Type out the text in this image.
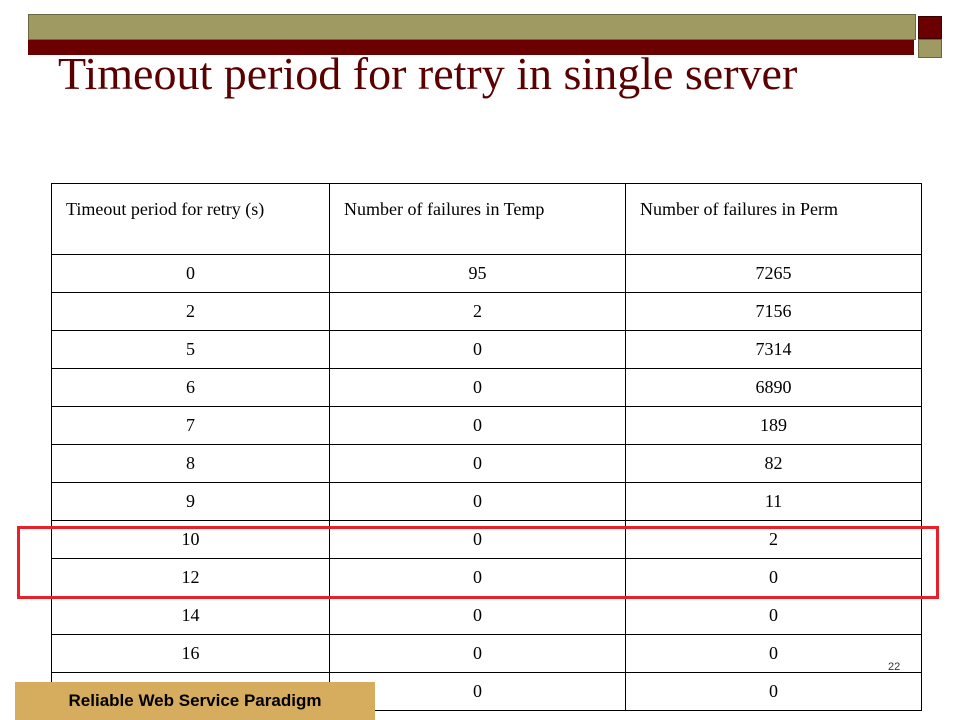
Timeout period for retry in single server
Timeout period for retry (s)	Number of failures in Temp	Number of failures in Perm
0	95	7265
2	2	7156
5	0	7314
6	0	6890
7	0	189
8	0	82
9	0	11
10	0	2
12	0	0
14	0	0
16	0	0
	0	0
22
Reliable Web Service Paradigm
